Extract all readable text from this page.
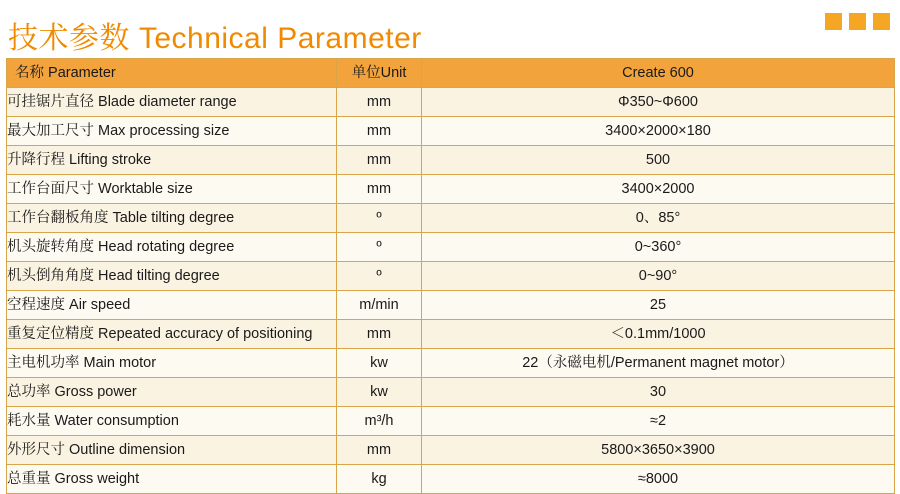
技术参数 Technical Parameter
名称 Parameter	单位Unit	Create 600
可挂锯片直径 Blade diameter range	mm	Φ350~Φ600
最大加工尺寸 Max processing size	mm	3400×2000×180
升降行程 Lifting stroke	mm	500
工作台面尺寸 Worktable size	mm	3400×2000
工作台翻板角度 Table tilting degree	º	0、85°
机头旋转角度 Head rotating degree	º	0~360°
机头倒角角度 Head tilting degree	º	0~90°
空程速度 Air speed	m/min	25
重复定位精度 Repeated accuracy of positioning	mm	＜0.1mm/1000
主电机功率 Main motor	kw	22（永磁电机/Permanent magnet motor）
总功率 Gross power	kw	30
耗水量 Water consumption	m³/h	≈2
外形尺寸 Outline dimension	mm	5800×3650×3900
总重量 Gross weight	kg	≈8000
